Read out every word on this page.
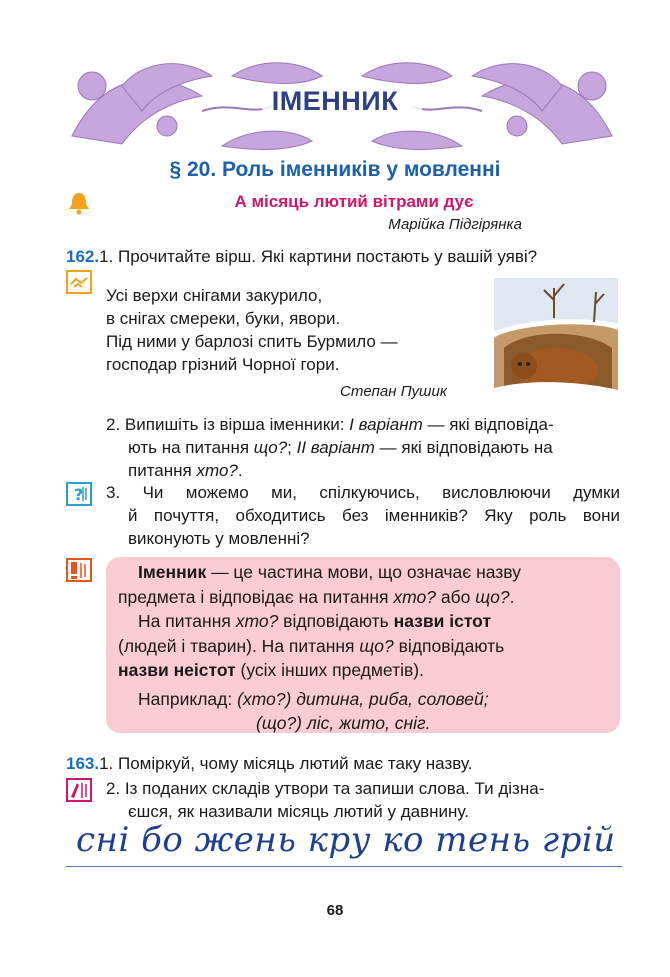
ІМЕННИК
§ 20. Роль іменників у мовленні
А місяць лютий вітрами дує
Марійка Підгірянка
162.1. Прочитайте вірш. Які картини постають у вашій уяві?
Усі верхи снігами закурило,
в снігах смереки, буки, явори.
Під ними у барлозі спить Бурмило —
господар грізний Чорної гори.
Степан Пушик
2. Випишіть із вірша іменники: І варіант — які відповіда-
ють на питання що?; ІІ варіант — які відповідають на
питання хто?.
? 3. Чи можемо ми, спілкуючись, висловлюючи думки
й почуття, обходитись без іменників? Яку роль вони
виконують у мовленні?
Іменник — це частина мови, що означає назву
предмета і відповідає на питання хто? або що?.
На питання хто? відповідають назви істот
(людей і тварин). На питання що? відповідають
назви неістот (усіх інших предметів).
Наприклад: (хто?) дитина, риба, соловей;
(що?) ліс, жито, сніг.
163.1. Поміркуй, чому місяць лютий має таку назву.
2. Із поданих складів утвори та запиши слова. Ти дізна-
єшся, як називали місяць лютий у давнину.
сні бо жень кру ко тень грій
68
